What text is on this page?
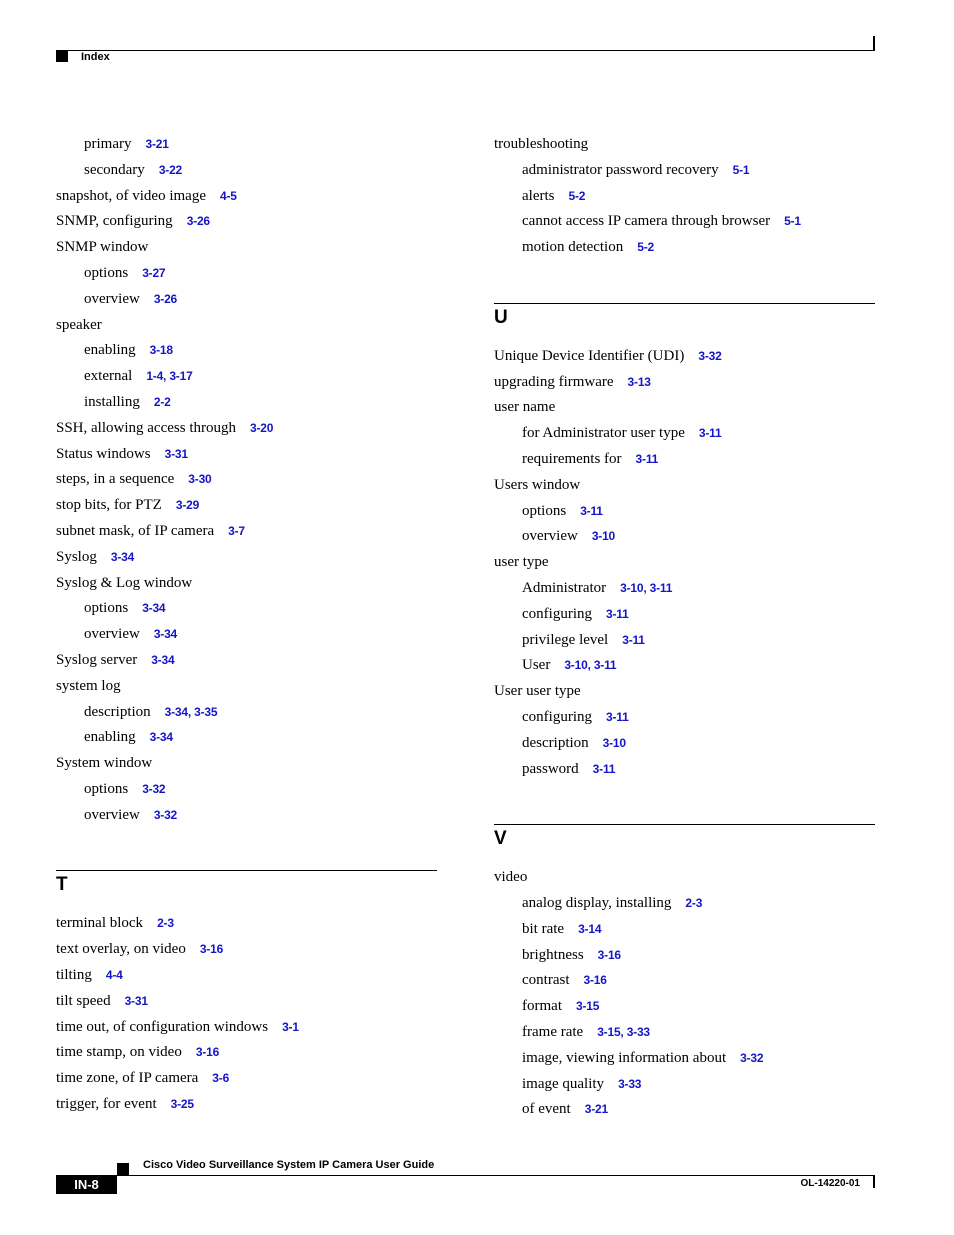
Index
primary 3-21
secondary 3-22
snapshot, of video image 4-5
SNMP, configuring 3-26
SNMP window
options 3-27
overview 3-26
speaker
enabling 3-18
external 1-4, 3-17
installing 2-2
SSH, allowing access through 3-20
Status windows 3-31
steps, in a sequence 3-30
stop bits, for PTZ 3-29
subnet mask, of IP camera 3-7
Syslog 3-34
Syslog & Log window
options 3-34
overview 3-34
Syslog server 3-34
system log
description 3-34, 3-35
enabling 3-34
System window
options 3-32
overview 3-32
T
terminal block 2-3
text overlay, on video 3-16
tilting 4-4
tilt speed 3-31
time out, of configuration windows 3-1
time stamp, on video 3-16
time zone, of IP camera 3-6
trigger, for event 3-25
troubleshooting
administrator password recovery 5-1
alerts 5-2
cannot access IP camera through browser 5-1
motion detection 5-2
U
Unique Device Identifier (UDI) 3-32
upgrading firmware 3-13
user name
for Administrator user type 3-11
requirements for 3-11
Users window
options 3-11
overview 3-10
user type
Administrator 3-10, 3-11
configuring 3-11
privilege level 3-11
User 3-10, 3-11
User user type
configuring 3-11
description 3-10
password 3-11
V
video
analog display, installing 2-3
bit rate 3-14
brightness 3-16
contrast 3-16
format 3-15
frame rate 3-15, 3-33
image, viewing information about 3-32
image quality 3-33
of event 3-21
Cisco Video Surveillance System IP Camera User Guide
IN-8	OL-14220-01
